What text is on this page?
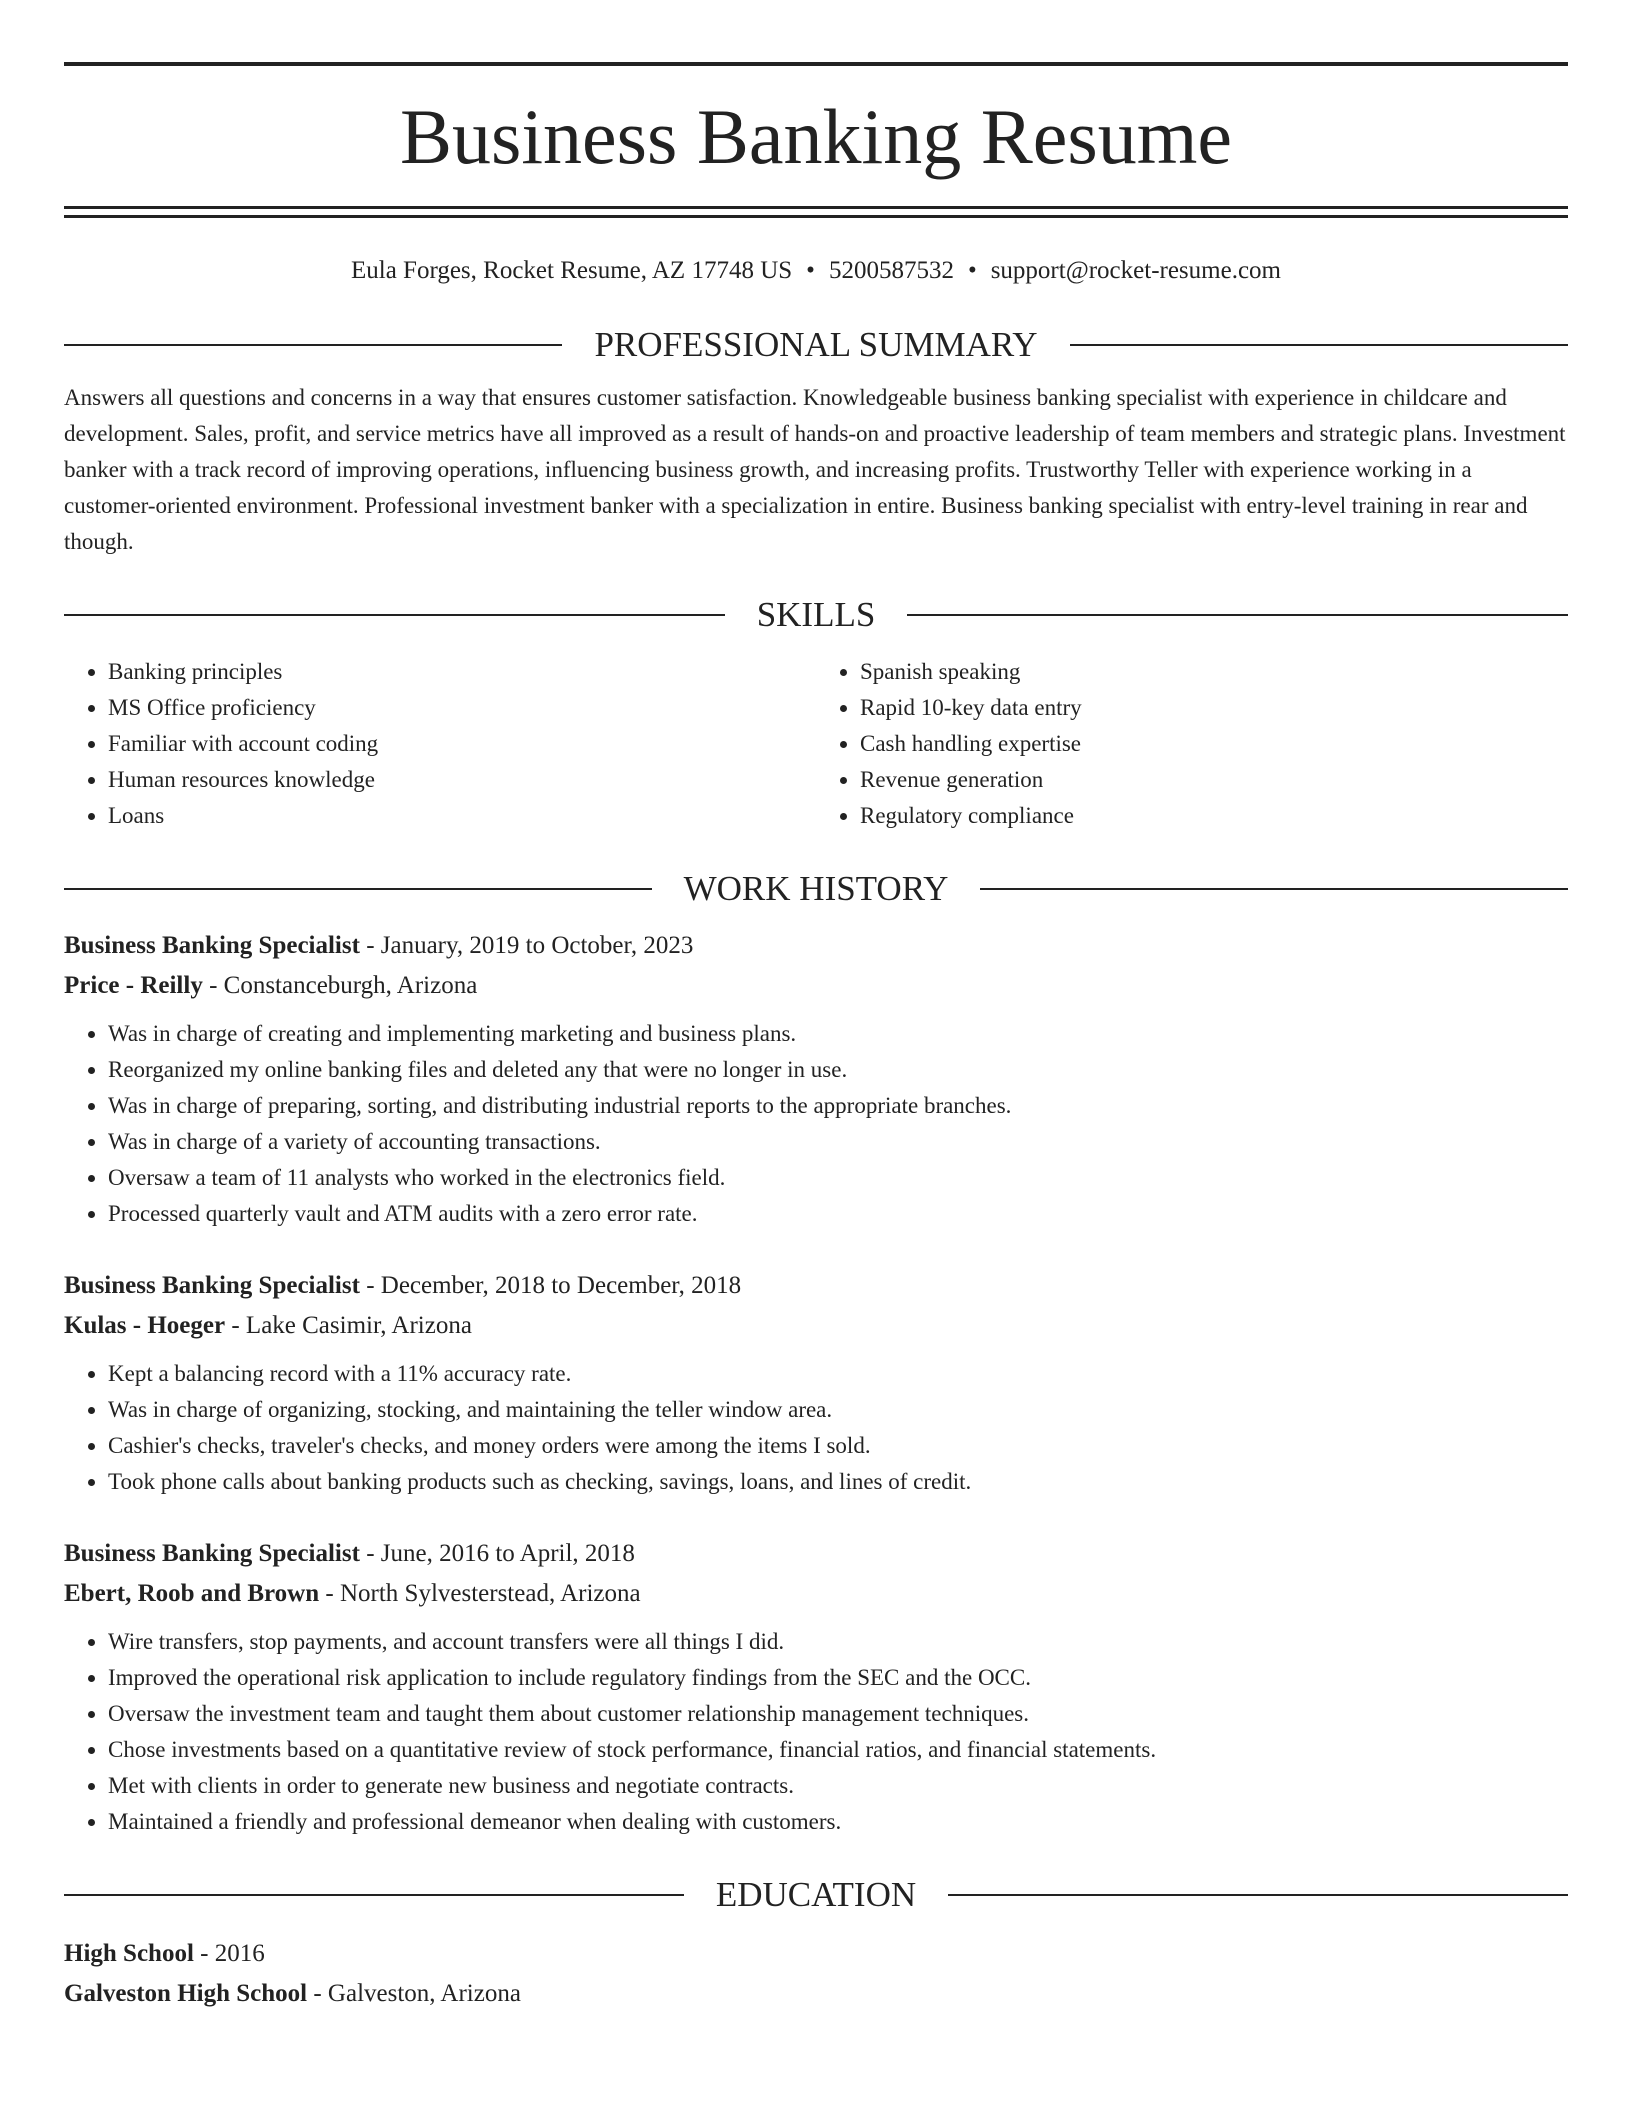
Business Banking Resume
Eula Forges, Rocket Resume, AZ 17748 US • 5200587532 • support@rocket-resume.com
PROFESSIONAL SUMMARY
Answers all questions and concerns in a way that ensures customer satisfaction. Knowledgeable business banking specialist with experience in childcare and development. Sales, profit, and service metrics have all improved as a result of hands-on and proactive leadership of team members and strategic plans. Investment banker with a track record of improving operations, influencing business growth, and increasing profits. Trustworthy Teller with experience working in a customer-oriented environment. Professional investment banker with a specialization in entire. Business banking specialist with entry-level training in rear and though.
SKILLS
• Banking principles
• MS Office proficiency
• Familiar with account coding
• Human resources knowledge
• Loans
• Spanish speaking
• Rapid 10-key data entry
• Cash handling expertise
• Revenue generation
• Regulatory compliance
WORK HISTORY
Business Banking Specialist - January, 2019 to October, 2023
Price - Reilly - Constanceburgh, Arizona
• Was in charge of creating and implementing marketing and business plans.
• Reorganized my online banking files and deleted any that were no longer in use.
• Was in charge of preparing, sorting, and distributing industrial reports to the appropriate branches.
• Was in charge of a variety of accounting transactions.
• Oversaw a team of 11 analysts who worked in the electronics field.
• Processed quarterly vault and ATM audits with a zero error rate.
Business Banking Specialist - December, 2018 to December, 2018
Kulas - Hoeger - Lake Casimir, Arizona
• Kept a balancing record with a 11% accuracy rate.
• Was in charge of organizing, stocking, and maintaining the teller window area.
• Cashier's checks, traveler's checks, and money orders were among the items I sold.
• Took phone calls about banking products such as checking, savings, loans, and lines of credit.
Business Banking Specialist - June, 2016 to April, 2018
Ebert, Roob and Brown - North Sylvesterstead, Arizona
• Wire transfers, stop payments, and account transfers were all things I did.
• Improved the operational risk application to include regulatory findings from the SEC and the OCC.
• Oversaw the investment team and taught them about customer relationship management techniques.
• Chose investments based on a quantitative review of stock performance, financial ratios, and financial statements.
• Met with clients in order to generate new business and negotiate contracts.
• Maintained a friendly and professional demeanor when dealing with customers.
EDUCATION
High School - 2016
Galveston High School - Galveston, Arizona
